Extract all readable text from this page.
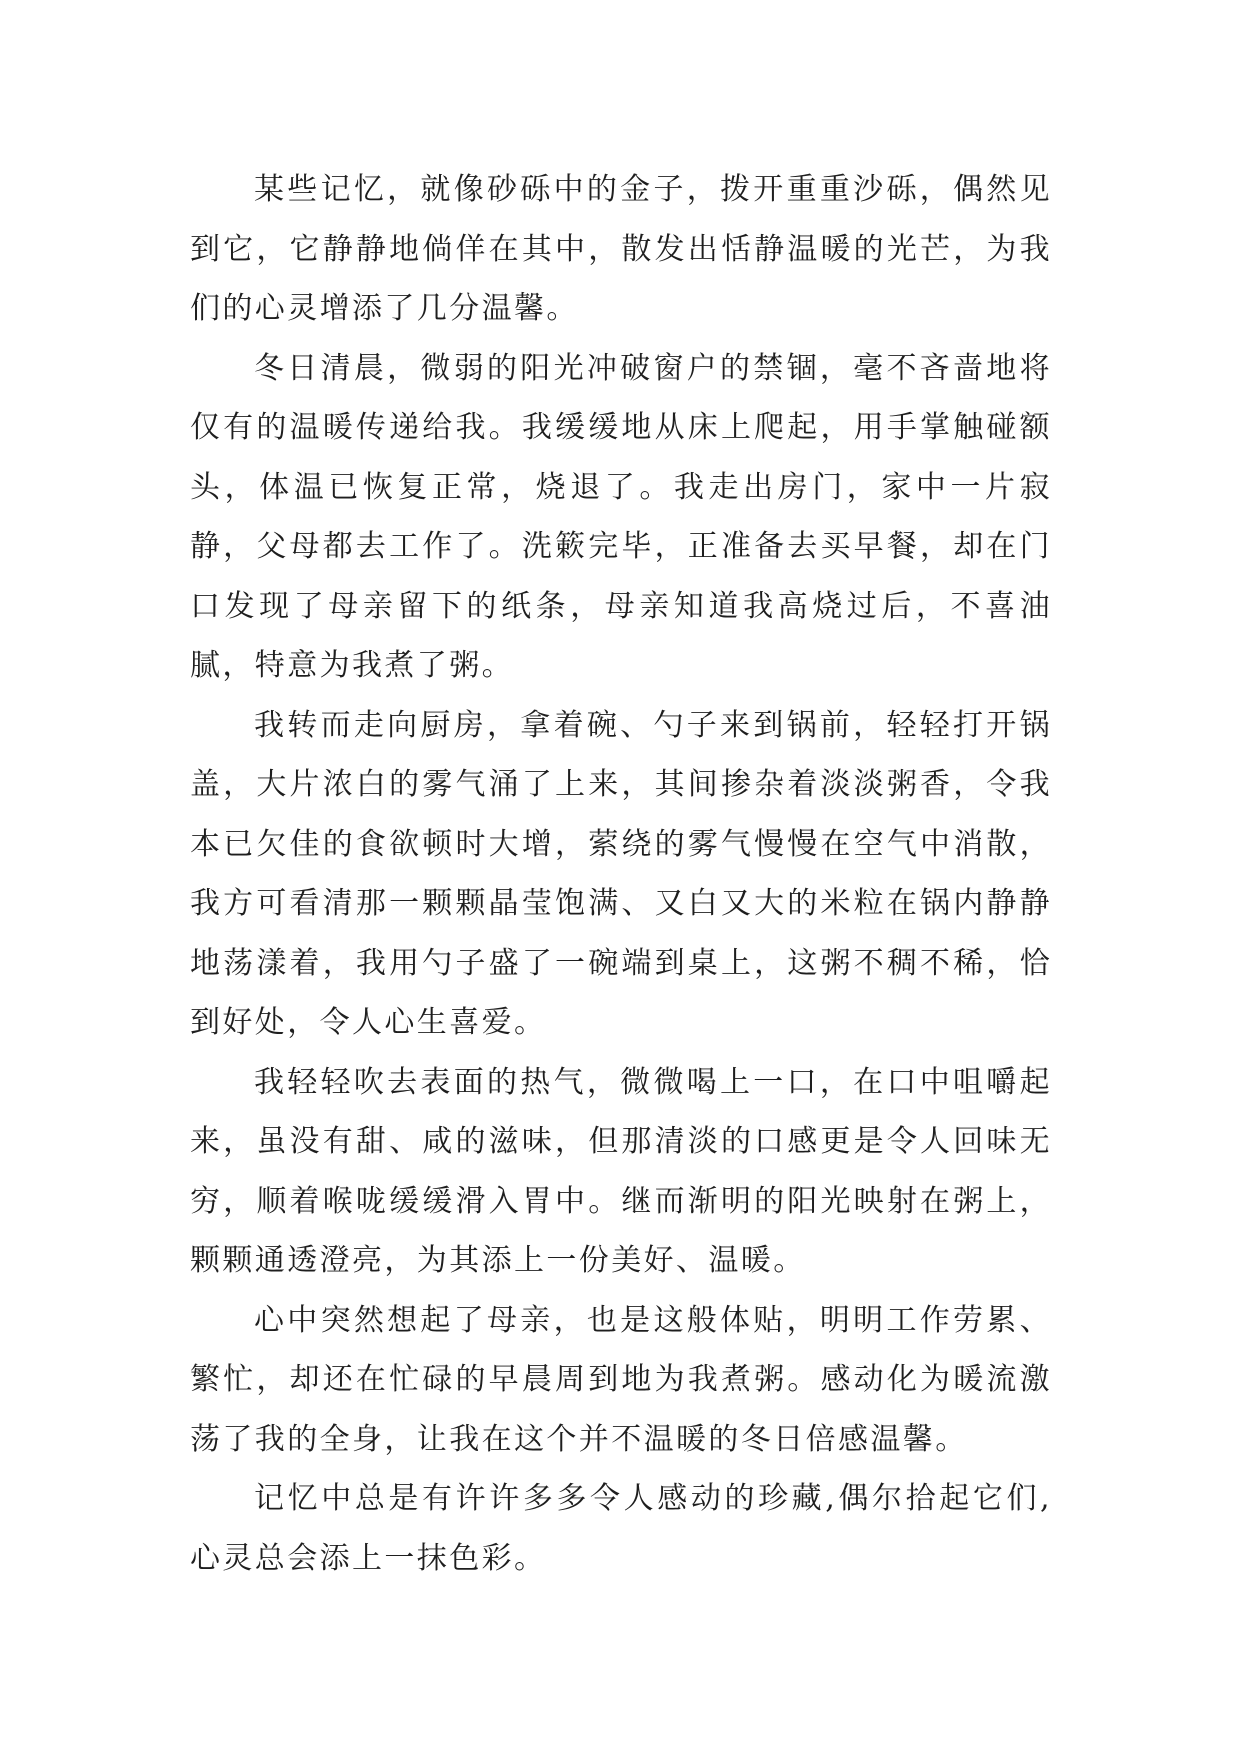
某些记忆，就像砂砾中的金子，拨开重重沙砾，偶然见到它，它静静地倘佯在其中，散发出恬静温暖的光芒，为我们的心灵增添了几分温馨。

冬日清晨，微弱的阳光冲破窗户的禁锢，毫不吝啬地将仅有的温暖传递给我。我缓缓地从床上爬起，用手掌触碰额头，体温已恢复正常，烧退了。我走出房门，家中一片寂静，父母都去工作了。洗簌完毕，正准备去买早餐，却在门口发现了母亲留下的纸条，母亲知道我高烧过后，不喜油腻，特意为我煮了粥。

我转而走向厨房，拿着碗、勺子来到锅前，轻轻打开锅盖，大片浓白的雾气涌了上来，其间掺杂着淡淡粥香，令我本已欠佳的食欲顿时大增，萦绕的雾气慢慢在空气中消散，我方可看清那一颗颗晶莹饱满、又白又大的米粒在锅内静静地荡漾着，我用勺子盛了一碗端到桌上，这粥不稠不稀，恰到好处，令人心生喜爱。

我轻轻吹去表面的热气，微微喝上一口，在口中咀嚼起来，虽没有甜、咸的滋味，但那清淡的口感更是令人回味无穷，顺着喉咙缓缓滑入胃中。继而渐明的阳光映射在粥上，颗颗通透澄亮，为其添上一份美好、温暖。

心中突然想起了母亲，也是这般体贴，明明工作劳累、繁忙，却还在忙碌的早晨周到地为我煮粥。感动化为暖流激荡了我的全身，让我在这个并不温暖的冬日倍感温馨。

记忆中总是有许许多多令人感动的珍藏,偶尔拾起它们,心灵总会添上一抹色彩。
